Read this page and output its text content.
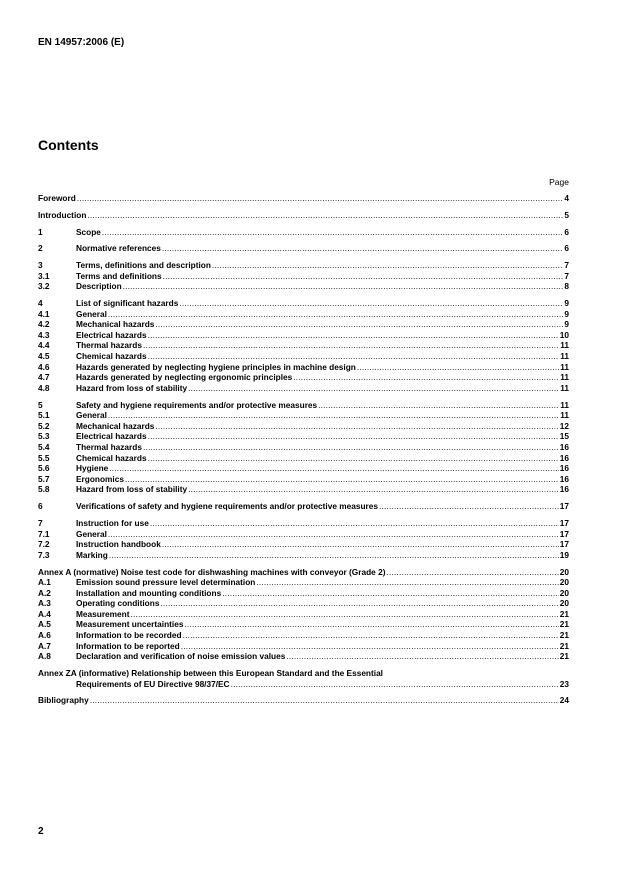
EN 14957:2006 (E)
Contents
Page
Foreword .....	4
Introduction .....	5
1	Scope .....	6
2	Normative references .....	6
3	Terms, definitions and description .....	7
3.1	Terms and definitions .....	7
3.2	Description .....	8
4	List of significant hazards .....	9
4.1	General .....	9
4.2	Mechanical hazards .....	9
4.3	Electrical hazards .....	10
4.4	Thermal hazards .....	11
4.5	Chemical hazards .....	11
4.6	Hazards generated by neglecting hygiene principles in machine design .....	11
4.7	Hazards generated by neglecting ergonomic principles .....	11
4.8	Hazard from loss of stability .....	11
5	Safety and hygiene requirements and/or protective measures .....	11
5.1	General .....	11
5.2	Mechanical hazards .....	12
5.3	Electrical hazards .....	15
5.4	Thermal hazards .....	16
5.5	Chemical hazards .....	16
5.6	Hygiene .....	16
5.7	Ergonomics .....	16
5.8	Hazard from loss of stability .....	16
6	Verifications of safety and hygiene requirements and/or protective measures .....	17
7	Instruction for use .....	17
7.1	General .....	17
7.2	Instruction handbook .....	17
7.3	Marking .....	19
Annex A (normative) Noise test code for dishwashing machines with conveyor (Grade 2) .....	20
A.1	Emission sound pressure level determination .....	20
A.2	Installation and mounting conditions .....	20
A.3	Operating conditions .....	20
A.4	Measurement .....	21
A.5	Measurement uncertainties .....	21
A.6	Information to be recorded .....	21
A.7	Information to be reported .....	21
A.8	Declaration and verification of noise emission values .....	21
Annex ZA (informative) Relationship between this European Standard and the Essential
Requirements of EU Directive 98/37/EC .....	23
Bibliography .....	24
2
